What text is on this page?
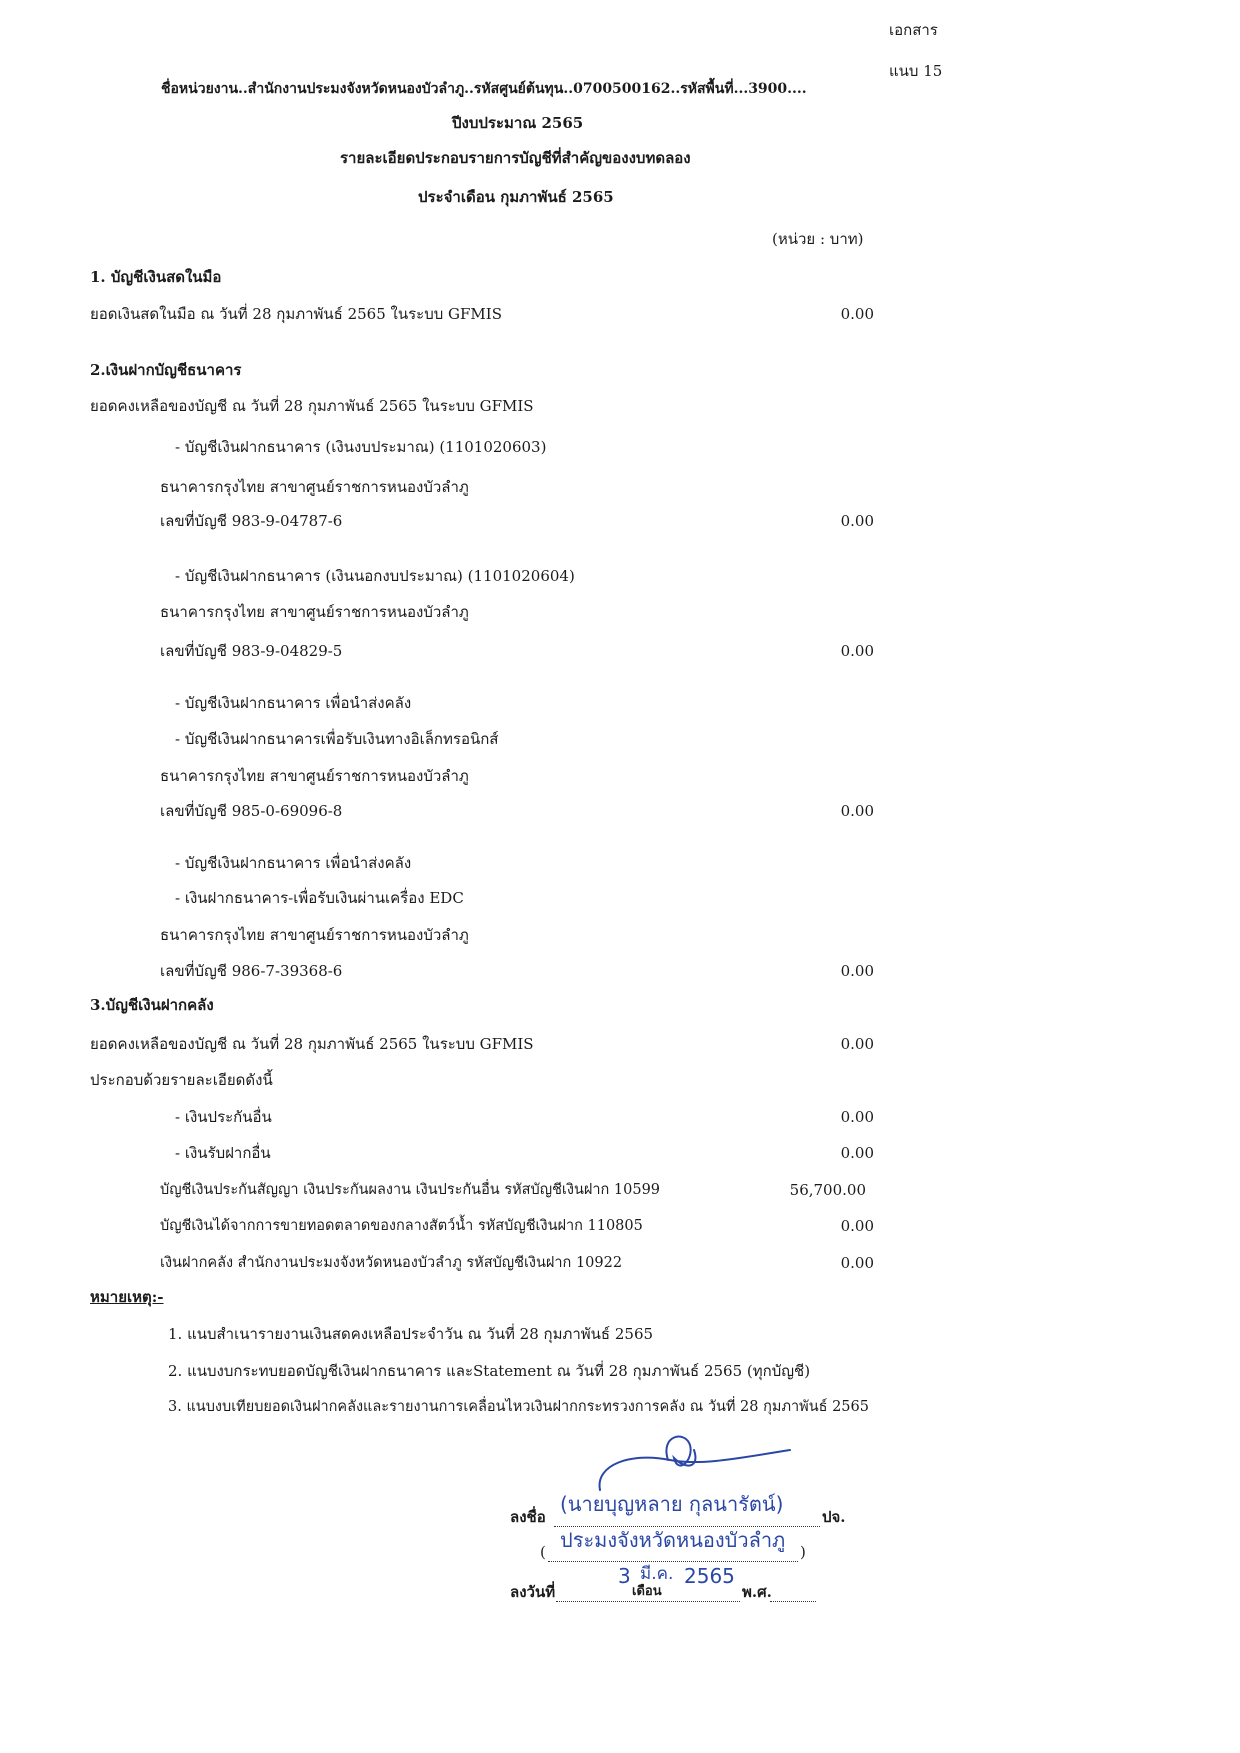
เอกสาร
แนบ 15
ชื่อหน่วยงาน..สำนักงานประมงจังหวัดหนองบัวลำภู..รหัสศูนย์ต้นทุน..0700500162..รหัสพื้นที่...3900....
ปีงบประมาณ 2565
รายละเอียดประกอบรายการบัญชีที่สำคัญของงบทดลอง
ประจำเดือน กุมภาพันธ์ 2565
(หน่วย : บาท)
1. บัญชีเงินสดในมือ
ยอดเงินสดในมือ ณ วันที่ 28 กุมภาพันธ์ 2565 ในระบบ GFMIS	0.00
2.เงินฝากบัญชีธนาคาร
ยอดคงเหลือของบัญชี ณ วันที่ 28 กุมภาพันธ์ 2565 ในระบบ GFMIS
- บัญชีเงินฝากธนาคาร (เงินงบประมาณ) (1101020603)
ธนาคารกรุงไทย สาขาศูนย์ราชการหนองบัวลำภู
เลขที่บัญชี 983-9-04787-6	0.00
- บัญชีเงินฝากธนาคาร (เงินนอกงบประมาณ) (1101020604)
ธนาคารกรุงไทย สาขาศูนย์ราชการหนองบัวลำภู
เลขที่บัญชี 983-9-04829-5	0.00
- บัญชีเงินฝากธนาคาร เพื่อนำส่งคลัง
- บัญชีเงินฝากธนาคารเพื่อรับเงินทางอิเล็กทรอนิกส์
ธนาคารกรุงไทย สาขาศูนย์ราชการหนองบัวลำภู
เลขที่บัญชี 985-0-69096-8	0.00
- บัญชีเงินฝากธนาคาร เพื่อนำส่งคลัง
- เงินฝากธนาคาร-เพื่อรับเงินผ่านเครื่อง EDC
ธนาคารกรุงไทย สาขาศูนย์ราชการหนองบัวลำภู
เลขที่บัญชี 986-7-39368-6	0.00
3.บัญชีเงินฝากคลัง
ยอดคงเหลือของบัญชี ณ วันที่ 28 กุมภาพันธ์ 2565 ในระบบ GFMIS	0.00
ประกอบด้วยรายละเอียดดังนี้
- เงินประกันอื่น	0.00
- เงินรับฝากอื่น	0.00
บัญชีเงินประกันสัญญา เงินประกันผลงาน เงินประกันอื่น รหัสบัญชีเงินฝาก 10599	56,700.00
บัญชีเงินได้จากการขายทอดตลาดของกลางสัตว์น้ำ รหัสบัญชีเงินฝาก 110805	0.00
เงินฝากคลัง สำนักงานประมงจังหวัดหนองบัวลำภู รหัสบัญชีเงินฝาก 10922	0.00
หมายเหตุ:-
1. แนบสำเนารายงานเงินสดคงเหลือประจำวัน ณ วันที่ 28 กุมภาพันธ์ 2565
2. แนบงบกระทบยอดบัญชีเงินฝากธนาคาร และStatement ณ วันที่ 28 กุมภาพันธ์ 2565 (ทุกบัญชี)
3. แนบงบเทียบยอดเงินฝากคลังและรายงานการเคลื่อนไหวเงินฝากกระทรวงการคลัง ณ วันที่ 28 กุมภาพันธ์ 2565
ลงชื่อ
(นายบุญหลาย กุลนารัตน์)
ปจ.
( ประมงจังหวัดหนองบัวลำภู )
ลงวันที่
3
เดือน
มี.ค. 2565
พ.ศ.
